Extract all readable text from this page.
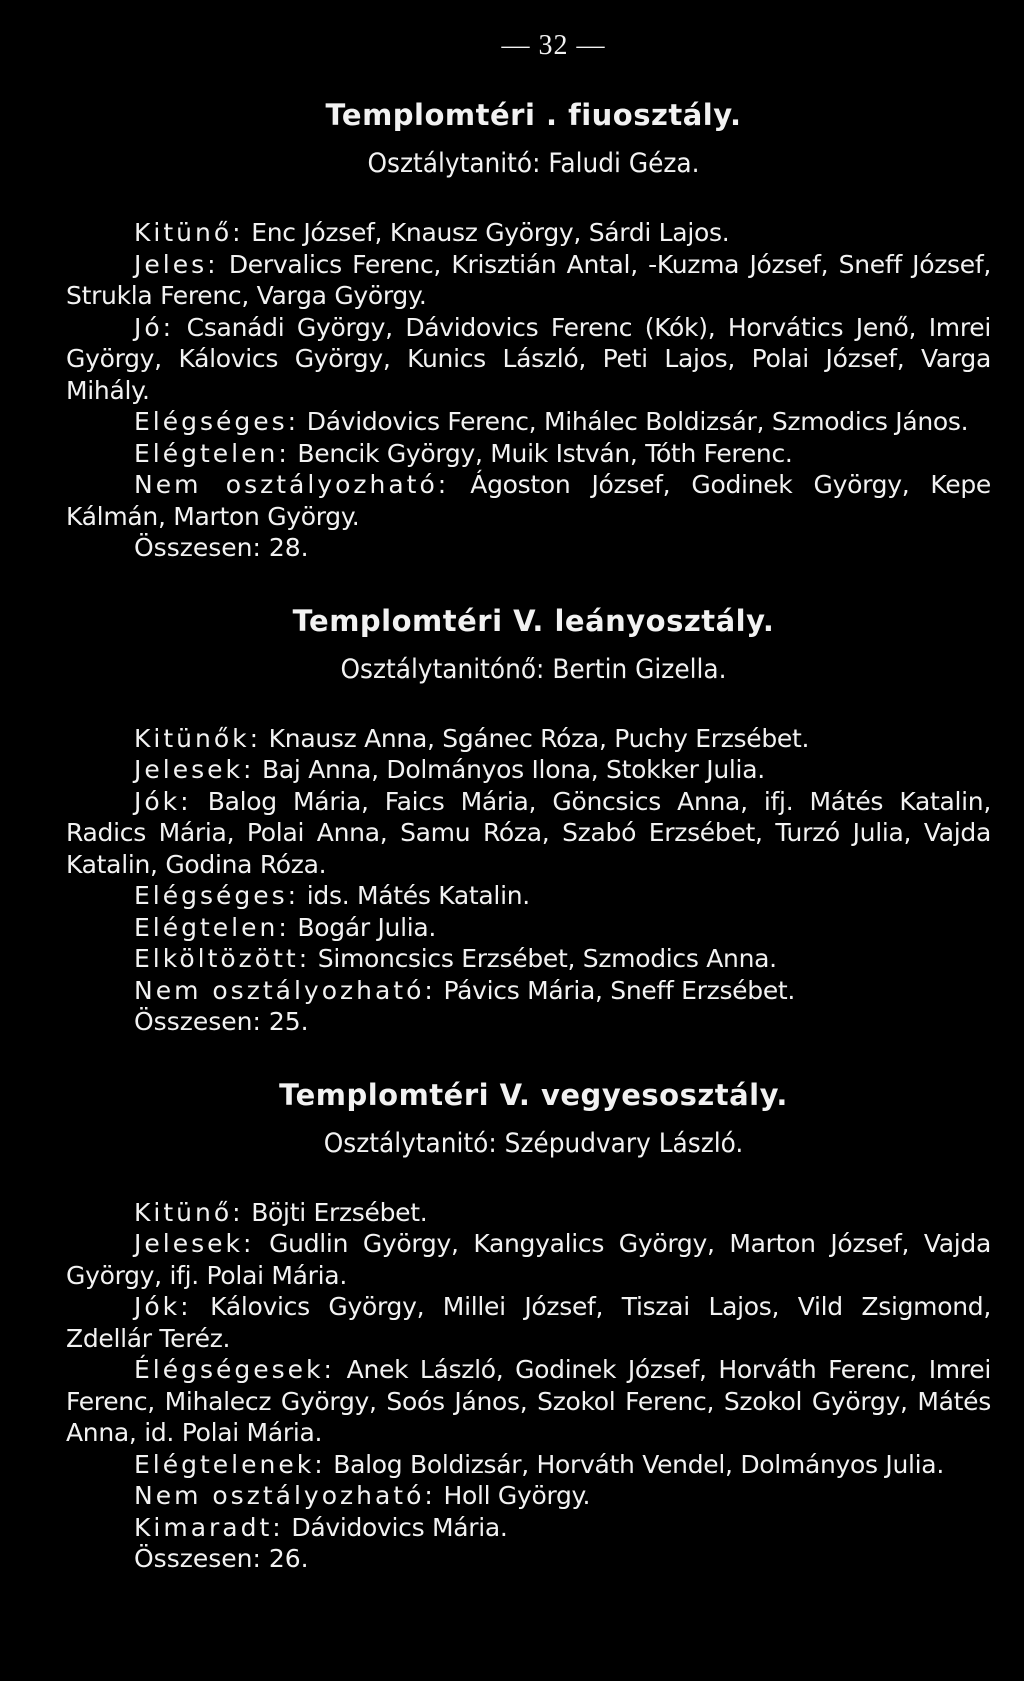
— 32 —
Templomtéri . fiuosztály.
Osztálytanitó: Faludi Géza.

Kitünő: Enc József, Knausz György, Sárdi Lajos.

Jeles: Dervalics Ferenc, Krisztián Antal, -Kuzma József, Sneff József, Strukla Ferenc, Varga György.

Jó: Csanádi György, Dávidovics Ferenc (Kók), Horvátics Jenő, Imrei György, Kálovics György, Kunics László, Peti Lajos, Polai József, Varga Mihály.

Elégséges: Dávidovics Ferenc, Mihálec Boldizsár, Szmodics János.

Elégtelen: Bencik György, Muik István, Tóth Ferenc.

Nem osztályozható: Ágoston József, Godinek György, Kepe Kálmán, Marton György.

Összesen: 28.

Templomtéri V. leányosztály.
Osztálytanitónő: Bertin Gizella.

Kitünők: Knausz Anna, Sgánec Róza, Puchy Erzsébet.

Jelesek: Baj Anna, Dolmányos Ilona, Stokker Julia.

Jók: Balog Mária, Faics Mária, Göncsics Anna, ifj. Mátés Katalin, Radics Mária, Polai Anna, Samu Róza, Szabó Erzsébet, Turzó Julia, Vajda Katalin, Godina Róza.

Elégséges: ids. Mátés Katalin.

Elégtelen: Bogár Julia.

Elköltözött: Simoncsics Erzsébet, Szmodics Anna.

Nem osztályozható: Pávics Mária, Sneff Erzsébet.

Összesen: 25.

Templomtéri V. vegyesosztály.
Osztálytanitó: Szépudvary László.

Kitünő: Böjti Erzsébet.

Jelesek: Gudlin György, Kangyalics György, Marton József, Vajda György, ifj. Polai Mária.

Jók: Kálovics György, Millei József, Tiszai Lajos, Vild Zsigmond, Zdellár Teréz.

Élégségesek: Anek László, Godinek József, Horváth Ferenc, Imrei Ferenc, Mihalecz György, Soós János, Szokol Ferenc, Szokol György, Mátés Anna, id. Polai Mária.

Elégtelenek: Balog Boldizsár, Horváth Vendel, Dolmányos Julia.

Nem osztályozható: Holl György.

Kimaradt: Dávidovics Mária.

Összesen: 26.
